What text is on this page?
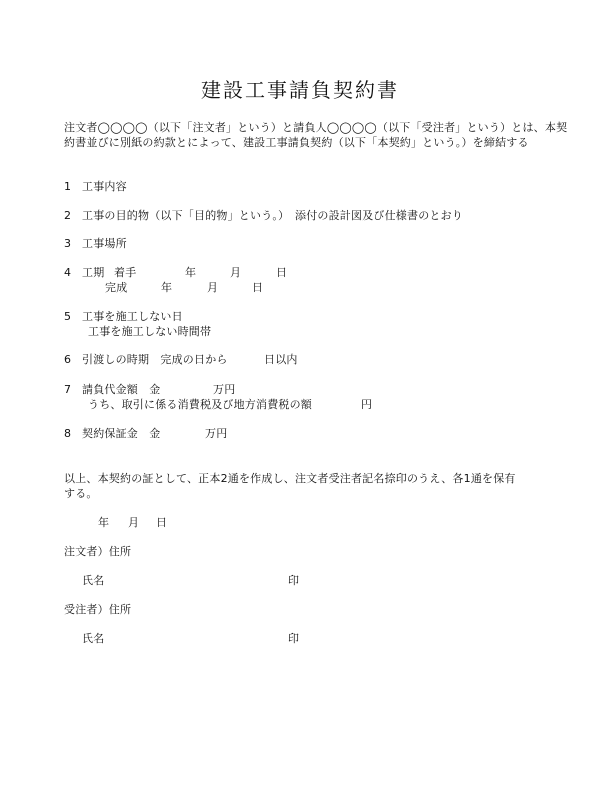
建設工事請負契約書
注文者◯◯◯◯（以下「注文者」という）と請負人◯◯◯◯（以下「受注者」という）とは、本契
約書並びに別紙の約款とによって、建設工事請負契約（以下「本契約」という。）を締結する
1 工事内容
2 工事の目的物（以下「目的物」という。）　添付の設計図及び仕様書のとおり
3 工事場所
4 工期 着手	年	月	日
完成	年	月	日
5 工事を施工しない日
工事を施工しない時間帯
6 引渡しの時期　完成の日から	日以内
7 請負代金額　金	万円
うち、取引に係る消費税及び地方消費税の額	円
8 契約保証金　金	万円
以上、本契約の証として、正本2通を作成し、注文者受注者記名捺印のうえ、各1通を保有
する。
年 月 日
注文者）住所
氏名	印
受注者）住所
氏名	印
